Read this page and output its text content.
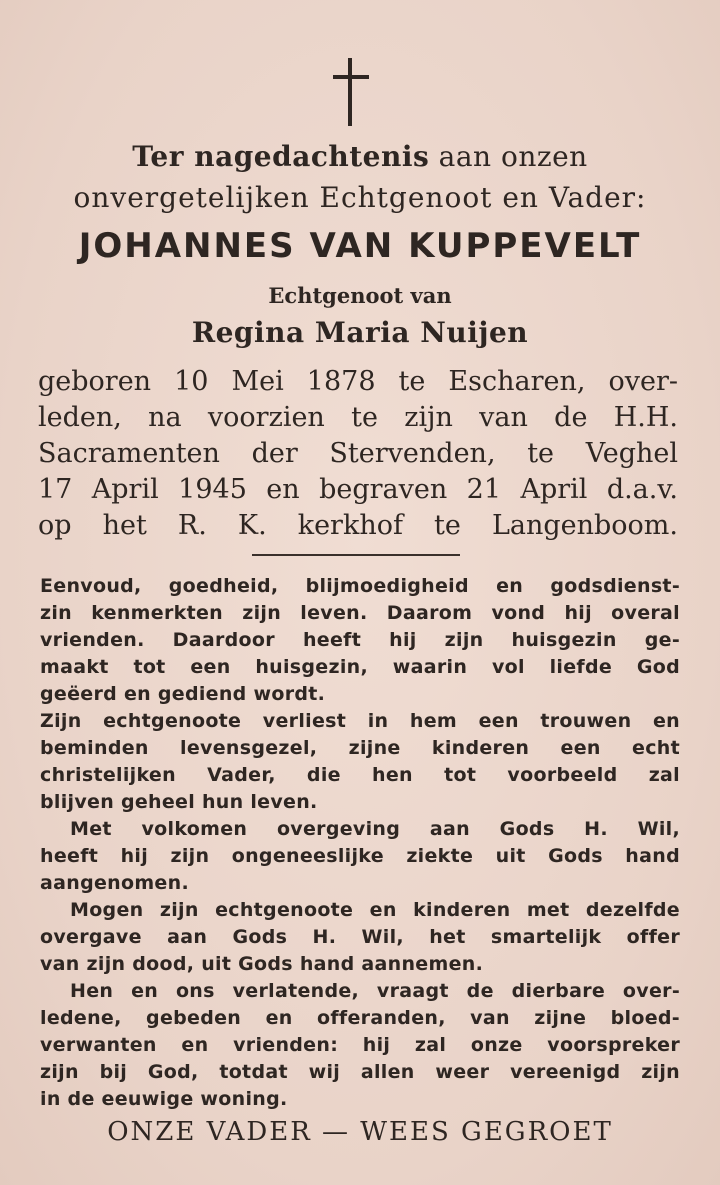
Ter nagedachtenis aan onzen
onvergetelijken Echtgenoot en Vader:
JOHANNES VAN KUPPEVELT
Echtgenoot van
Regina Maria Nuijen
geboren 10 Mei 1878 te Escharen, over-
leden, na voorzien te zijn van de H.H.
Sacramenten der Stervenden, te Veghel
17 April 1945 en begraven 21 April d.a.v.
op het R. K. kerkhof te Langenboom.
Eenvoud, goedheid, blijmoedigheid en godsdienst-
zin kenmerkten zijn leven. Daarom vond hij overal
vrienden. Daardoor heeft hij zijn huisgezin ge-
maakt tot een huisgezin, waarin vol liefde God
geëerd en gediend wordt.
Zijn echtgenoote verliest in hem een trouwen en
beminden levensgezel, zijne kinderen een echt
christelijken Vader, die hen tot voorbeeld zal
blijven geheel hun leven.
Met volkomen overgeving aan Gods H. Wil,
heeft hij zijn ongeneeslijke ziekte uit Gods hand
aangenomen.
Mogen zijn echtgenoote en kinderen met dezelfde
overgave aan Gods H. Wil, het smartelijk offer
van zijn dood, uit Gods hand aannemen.
Hen en ons verlatende, vraagt de dierbare over-
ledene, gebeden en offeranden, van zijne bloed-
verwanten en vrienden: hij zal onze voorspreker
zijn bij God, totdat wij allen weer vereenigd zijn
in de eeuwige woning.
ONZE VADER — WEES GEGROET
